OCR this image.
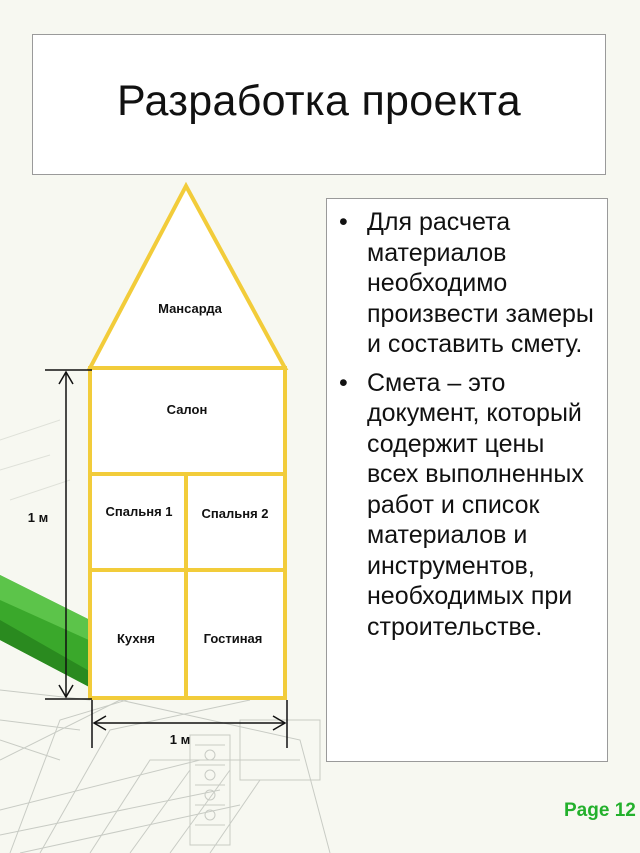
Разработка проекта
Мансарда
Салон
Спальня 1 Спальня 2
Кухня	Гостиная
1 м
1 м
• Для расчета материалов необходимо произвести замеры и составить смету.
• Смета – это документ, который содержит цены всех выполненных работ и список материалов и инструментов, необходимых при строительстве.
Page 12
